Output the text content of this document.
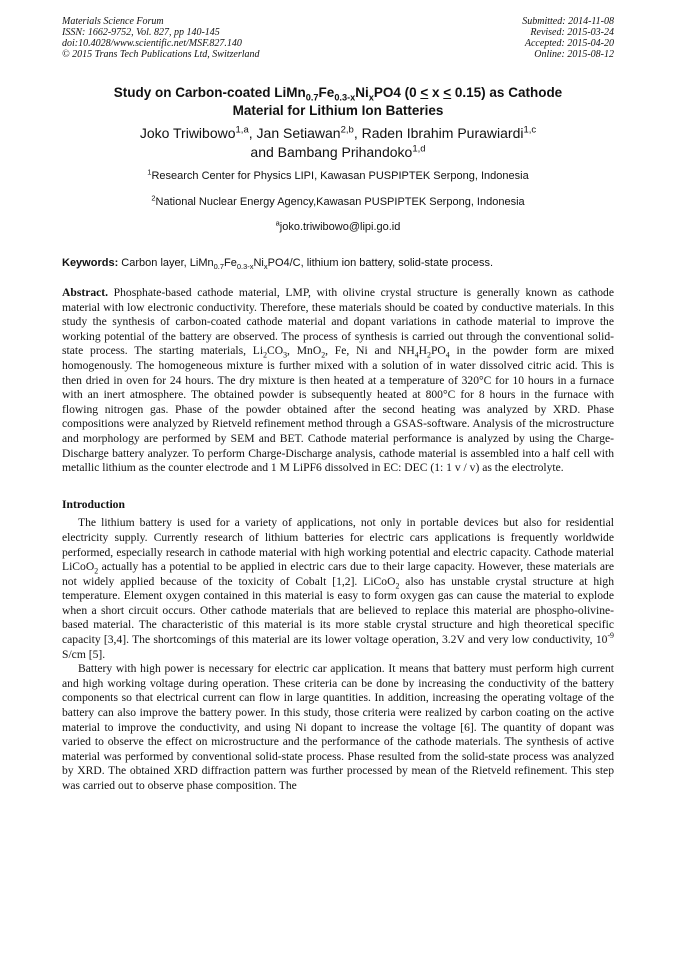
Materials Science Forum
ISSN: 1662-9752, Vol. 827, pp 140-145
doi:10.4028/www.scientific.net/MSF.827.140
© 2015 Trans Tech Publications Ltd, Switzerland
Submitted: 2014-11-08
Revised: 2015-03-24
Accepted: 2015-04-20
Online: 2015-08-12
Study on Carbon-coated $LiMn_{0.7}Fe_{0.3-x}Ni_xPO4$ (0 < x < 0.15) as Cathode
Material for Lithium Ion Batteries
Joko Triwibowo$^{1,a}$, Jan Setiawan$^{2,b}$, Raden Ibrahim Purawiardi$^{1,c}$
and Bambang Prihandoko$^{1,d}$
$^1$Research Center for Physics LIPI, Kawasan PUSPIPTEK Serpong, Indonesia
$^2$National Nuclear Energy Agency,Kawasan PUSPIPTEK Serpong, Indonesia
$^a$joko.triwibowo@lipi.go.id
Keywords: Carbon layer, $LiMn_{0.7}Fe_{0.3-x}Ni_xPO4/C$, lithium ion battery, solid-state process.
Abstract. Phosphate-based cathode material, LMP, with olivine crystal structure is generally known as cathode material with low electronic conductivity. Therefore, these materials should be coated by conductive materials. In this study the synthesis of carbon-coated cathode material and dopant variations in cathode material to improve the working potential of the battery are observed. The process of synthesis is carried out through the conventional solid-state process. The starting materials, $Li_2CO_3$, MnO$_2$, Fe, Ni and $NH_4H_2PO_4$ in the powder form are mixed homogenously. The homogeneous mixture is further mixed with a solution of in water dissolved citric acid. This is then dried in oven for 24 hours. The dry mixture is then heated at a temperature of 320°C for 10 hours in a furnace with an inert atmosphere. The obtained powder is subsequently heated at 800°C for 8 hours in the furnace with flowing nitrogen gas. Phase of the powder obtained after the second heating was analyzed by XRD. Phase compositions were analyzed by Rietveld refinement method through a GSAS-software. Analysis of the microstructure and morphology are performed by SEM and BET. Cathode material performance is analyzed by using the Charge-Discharge battery analyzer. To perform Charge-Discharge analysis, cathode material is assembled into a half cell with metallic lithium as the counter electrode and 1 M LiPF6 dissolved in EC: DEC (1: 1 v / v) as the electrolyte.
Introduction
The lithium battery is used for a variety of applications, not only in portable devices but also for residential electricity supply. Currently research of lithium batteries for electric cars applications is frequently worldwide performed, especially research in cathode material with high working potential and electric capacity. Cathode material LiCoO$_2$ actually has a potential to be applied in electric cars due to their large capacity. However, these materials are not widely applied because of the toxicity of Cobalt [1,2]. LiCoO$_2$ also has unstable crystal structure at high temperature. Element oxygen contained in this material is easy to form oxygen gas can cause the material to explode when a short circuit occurs. Other cathode materials that are believed to replace this material are phospho-olivine-based material. The characteristic of this material is its more stable crystal structure and high theoretical specific capacity [3,4]. The shortcomings of this material are its lower voltage operation, 3.2V and very low conductivity, $10^{-9}$ S/cm [5].
Battery with high power is necessary for electric car application. It means that battery must perform high current and high working voltage during operation. These criteria can be done by increasing the conductivity of the battery components so that electrical current can flow in large quantities. In addition, increasing the operating voltage of the battery can also improve the battery power. In this study, those criteria were realized by carbon coating on the active material to improve the conductivity, and using Ni dopant to increase the voltage [6]. The quantity of dopant was varied to observe the effect on microstructure and the performance of the cathode materials. The synthesis of active material was performed by conventional solid-state process. Phase resulted from the solid-state process was analyzed by XRD. The obtained XRD diffraction pattern was further processed by mean of the Rietveld refinement. This step was carried out to observe phase composition. The
